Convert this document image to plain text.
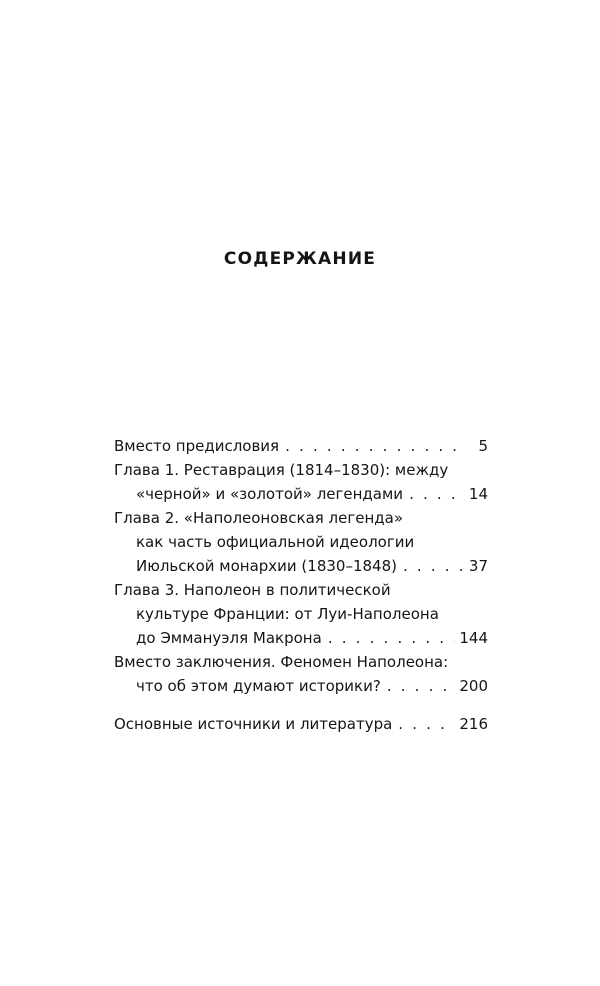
СОДЕРЖАНИЕ
Вместо предисловия . . .	5
Глава 1. Реставрация (1814–1830): между
«черной» и «золотой» легендами . . .	14
Глава 2. «Наполеоновская легенда»
как часть официальной идеологии
Июльской монархии (1830–1848) . . .	37
Глава 3. Наполеон в политической
культуре Франции: от Луи-Наполеона
до Эммануэля Макрона . . .	144
Вместо заключения. Феномен Наполеона:
что об этом думают историки? . . .	200
Основные источники и литература . . .	216
